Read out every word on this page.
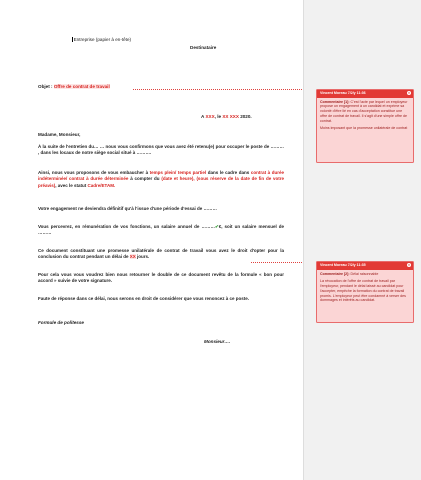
Entreprise (papier à en-tête)
Destinataire
Objet : Offre de contrat de travail
A XXX, le XX XXX 2020.
Madame, Monsieur,
À la suite de l'entretien du… … nous vous confirmons que vous avez été retenu(e) pour occuper le poste de ……… , dans les locaux de notre siège social situé à ……….
Ainsi, nous vous proposons de vous embaucher à temps plein/ temps partiel dans le cadre dans contrat à durée indéterminée/ contrat à durée déterminée à compter du (date et heure), (sous réserve de la date de fin de votre préavis), avec le statut Cadre/ETAM.
Votre engagement ne deviendra définitif qu'à l'issue d'une période d'essai de ………
Vous percevrez, en rémunération de vos fonctions, un salaire annuel de ………✔€, soit un salaire mensuel de ………
Ce document constituant une promesse unilatérale de contrat de travail vous avez le droit d'opter pour la conclusion du contrat pendant un délai de XX jours.
Pour cela vous vous voudrez bien nous retourner le double de ce document revêtu de la formule « bon pour accord » suivie de votre signature.
Faute de réponse dans ce délai, nous serons en droit de considérer que vous renoncez à ce poste.
Formule de politesse
Monsieur….
Vincent Moreau 7/2/y 11:36	×

Commentaire [1]: C'est l'acte par lequel un employeur propose un engagement à un candidat et exprime sa volonté d'être lié en cas d'acceptation constitue une offre de contrat de travail. Il s'agit d'une simple offre de contrat.

Moins imposant que la promesse unilatérale de contrat

Vincent Moreau 7/2/y 11:35	×

Commentaire [2]: Délai raisonnable

La révocation de l'offre de contrat de travail par l'employeur, pendant le délai laissé au candidat pour l'accepter, empêche la formation du contrat de travail promis. L'employeur peut être condamné à verser des dommages et intérêts au candidat.
